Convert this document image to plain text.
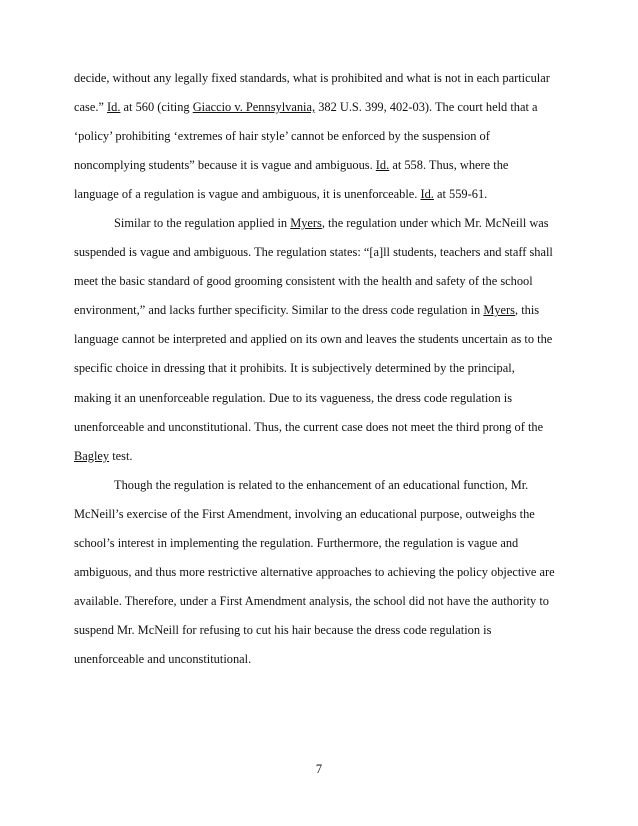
decide, without any legally fixed standards, what is prohibited and what is not in each particular
case.” Id. at 560 (citing Giaccio v. Pennsylvania, 382 U.S. 399, 402-03). The court held that a
‘policy’ prohibiting ‘extremes of hair style’ cannot be enforced by the suspension of
noncomplying students” because it is vague and ambiguous. Id. at 558. Thus, where the
language of a regulation is vague and ambiguous, it is unenforceable. Id. at 559-61.
Similar to the regulation applied in Myers, the regulation under which Mr. McNeill was
suspended is vague and ambiguous. The regulation states: “[a]ll students, teachers and staff shall
meet the basic standard of good grooming consistent with the health and safety of the school
environment,” and lacks further specificity. Similar to the dress code regulation in Myers, this
language cannot be interpreted and applied on its own and leaves the students uncertain as to the
specific choice in dressing that it prohibits. It is subjectively determined by the principal,
making it an unenforceable regulation. Due to its vagueness, the dress code regulation is
unenforceable and unconstitutional. Thus, the current case does not meet the third prong of the
Bagley test.
Though the regulation is related to the enhancement of an educational function, Mr.
McNeill’s exercise of the First Amendment, involving an educational purpose, outweighs the
school’s interest in implementing the regulation. Furthermore, the regulation is vague and
ambiguous, and thus more restrictive alternative approaches to achieving the policy objective are
available. Therefore, under a First Amendment analysis, the school did not have the authority to
suspend Mr. McNeill for refusing to cut his hair because the dress code regulation is
unenforceable and unconstitutional.
7
